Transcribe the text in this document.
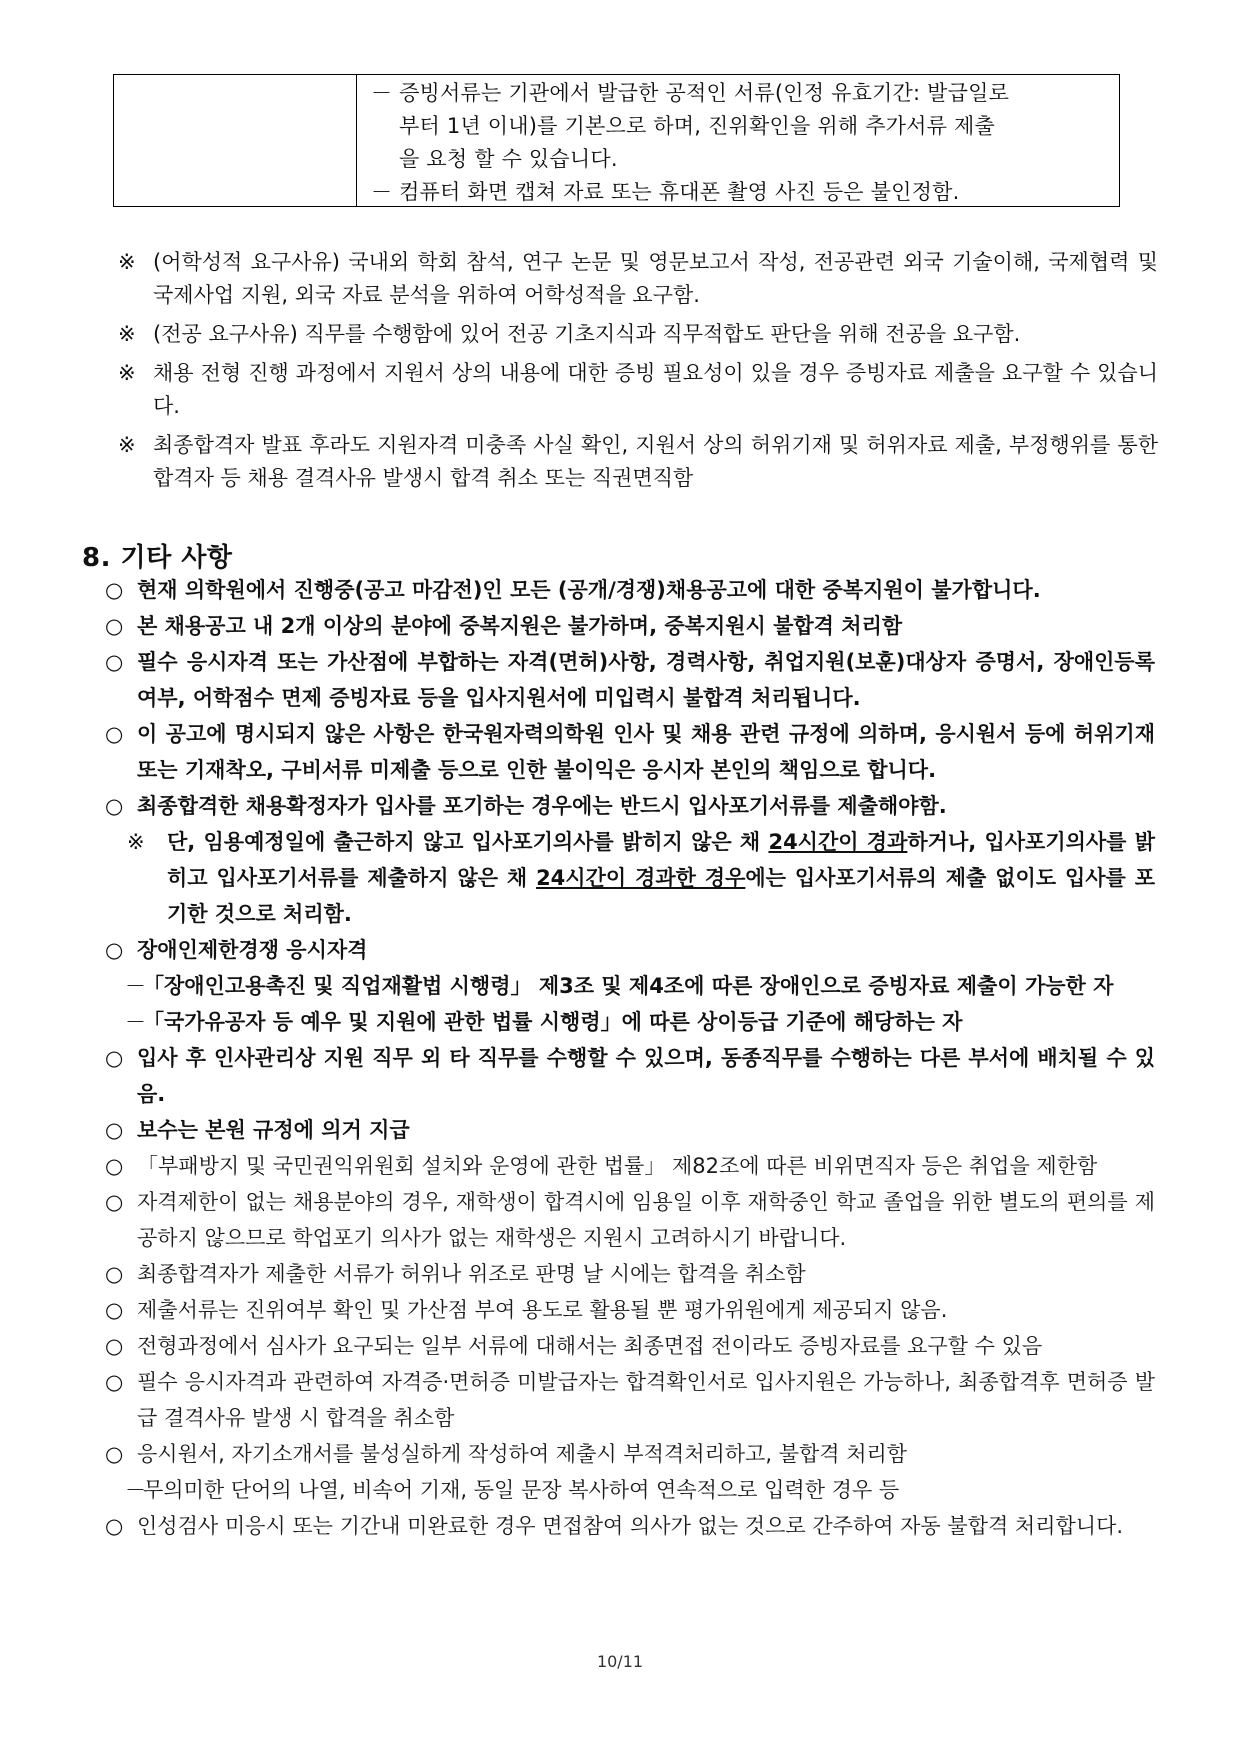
－ 증빙서류는 기관에서 발급한 공적인 서류(인정 유효기간: 발급일로
부터 1년 이내)를 기본으로 하며, 진위확인을 위해 추가서류 제출
을 요청 할 수 있습니다.
－ 컴퓨터 화면 캡쳐 자료 또는 휴대폰 촬영 사진 등은 불인정함.
※ (어학성적 요구사유) 국내외 학회 참석, 연구 논문 및 영문보고서 작성, 전공관련 외국 기술이해, 국제협력 및 국제사업 지원, 외국 자료 분석을 위하여 어학성적을 요구함.
※ (전공 요구사유) 직무를 수행함에 있어 전공 기초지식과 직무적합도 판단을 위해 전공을 요구함.
※ 채용 전형 진행 과정에서 지원서 상의 내용에 대한 증빙 필요성이 있을 경우 증빙자료 제출을 요구할 수 있습니다.
※ 최종합격자 발표 후라도 지원자격 미충족 사실 확인, 지원서 상의 허위기재 및 허위자료 제출, 부정행위를 통한 합격자 등 채용 결격사유 발생시 합격 취소 또는 직권면직함
8. 기타 사항
○ 현재 의학원에서 진행중(공고 마감전)인 모든 (공개/경쟁)채용공고에 대한 중복지원이 불가합니다.
○ 본 채용공고 내 2개 이상의 분야에 중복지원은 불가하며, 중복지원시 불합격 처리함
○ 필수 응시자격 또는 가산점에 부합하는 자격(면허)사항, 경력사항, 취업지원(보훈)대상자 증명서, 장애인등록여부, 어학점수 면제 증빙자료 등을 입사지원서에 미입력시 불합격 처리됩니다.
○ 이 공고에 명시되지 않은 사항은 한국원자력의학원 인사 및 채용 관련 규정에 의하며, 응시원서 등에 허위기재 또는 기재착오, 구비서류 미제출 등으로 인한 불이익은 응시자 본인의 책임으로 합니다.
○ 최종합격한 채용확정자가 입사를 포기하는 경우에는 반드시 입사포기서류를 제출해야함.
※	단, 임용예정일에 출근하지 않고 입사포기의사를 밝히지 않은 채 24시간이 경과하거나, 입사포기의사를 밝히고 입사포기서류를 제출하지 않은 채 24시간이 경과한 경우에는 입사포기서류의 제출 없이도 입사를 포기한 것으로 처리함.
○ 장애인제한경쟁 응시자격
－
「장애인고용촉진 및 직업재활법 시행령」 제3조 및 제4조에 따른 장애인으로 증빙자료 제출이 가능한 자
－
「국가유공자 등 예우 및 지원에 관한 법률 시행령」에 따른 상이등급 기준에 해당하는 자
○ 입사 후 인사관리상 지원 직무 외 타 직무를 수행할 수 있으며, 동종직무를 수행하는 다른 부서에 배치될 수 있음.
○ 보수는 본원 규정에 의거 지급
○ 「부패방지 및 국민권익위원회 설치와 운영에 관한 법률」 제82조에 따른 비위면직자 등은 취업을 제한함
○ 자격제한이 없는 채용분야의 경우, 재학생이 합격시에 임용일 이후 재학중인 학교 졸업을 위한 별도의 편의를 제공하지 않으므로 학업포기 의사가 없는 재학생은 지원시 고려하시기 바랍니다.
○ 최종합격자가 제출한 서류가 허위나 위조로 판명 날 시에는 합격을 취소함
○ 제출서류는 진위여부 확인 및 가산점 부여 용도로 활용될 뿐 평가위원에게 제공되지 않음.
○ 전형과정에서 심사가 요구되는 일부 서류에 대해서는 최종면접 전이라도 증빙자료를 요구할 수 있음
○ 필수 응시자격과 관련하여 자격증·면허증 미발급자는 합격확인서로 입사지원은 가능하나, 최종합격후 면허증 발급 결격사유 발생 시 합격을 취소함
○ 응시원서, 자기소개서를 불성실하게 작성하여 제출시 부적격처리하고, 불합격 처리함
－
무의미한 단어의 나열, 비속어 기재, 동일 문장 복사하여 연속적으로 입력한 경우 등
○ 인성검사 미응시 또는 기간내 미완료한 경우 면접참여 의사가 없는 것으로 간주하여 자동 불합격 처리합니다.
10/11
